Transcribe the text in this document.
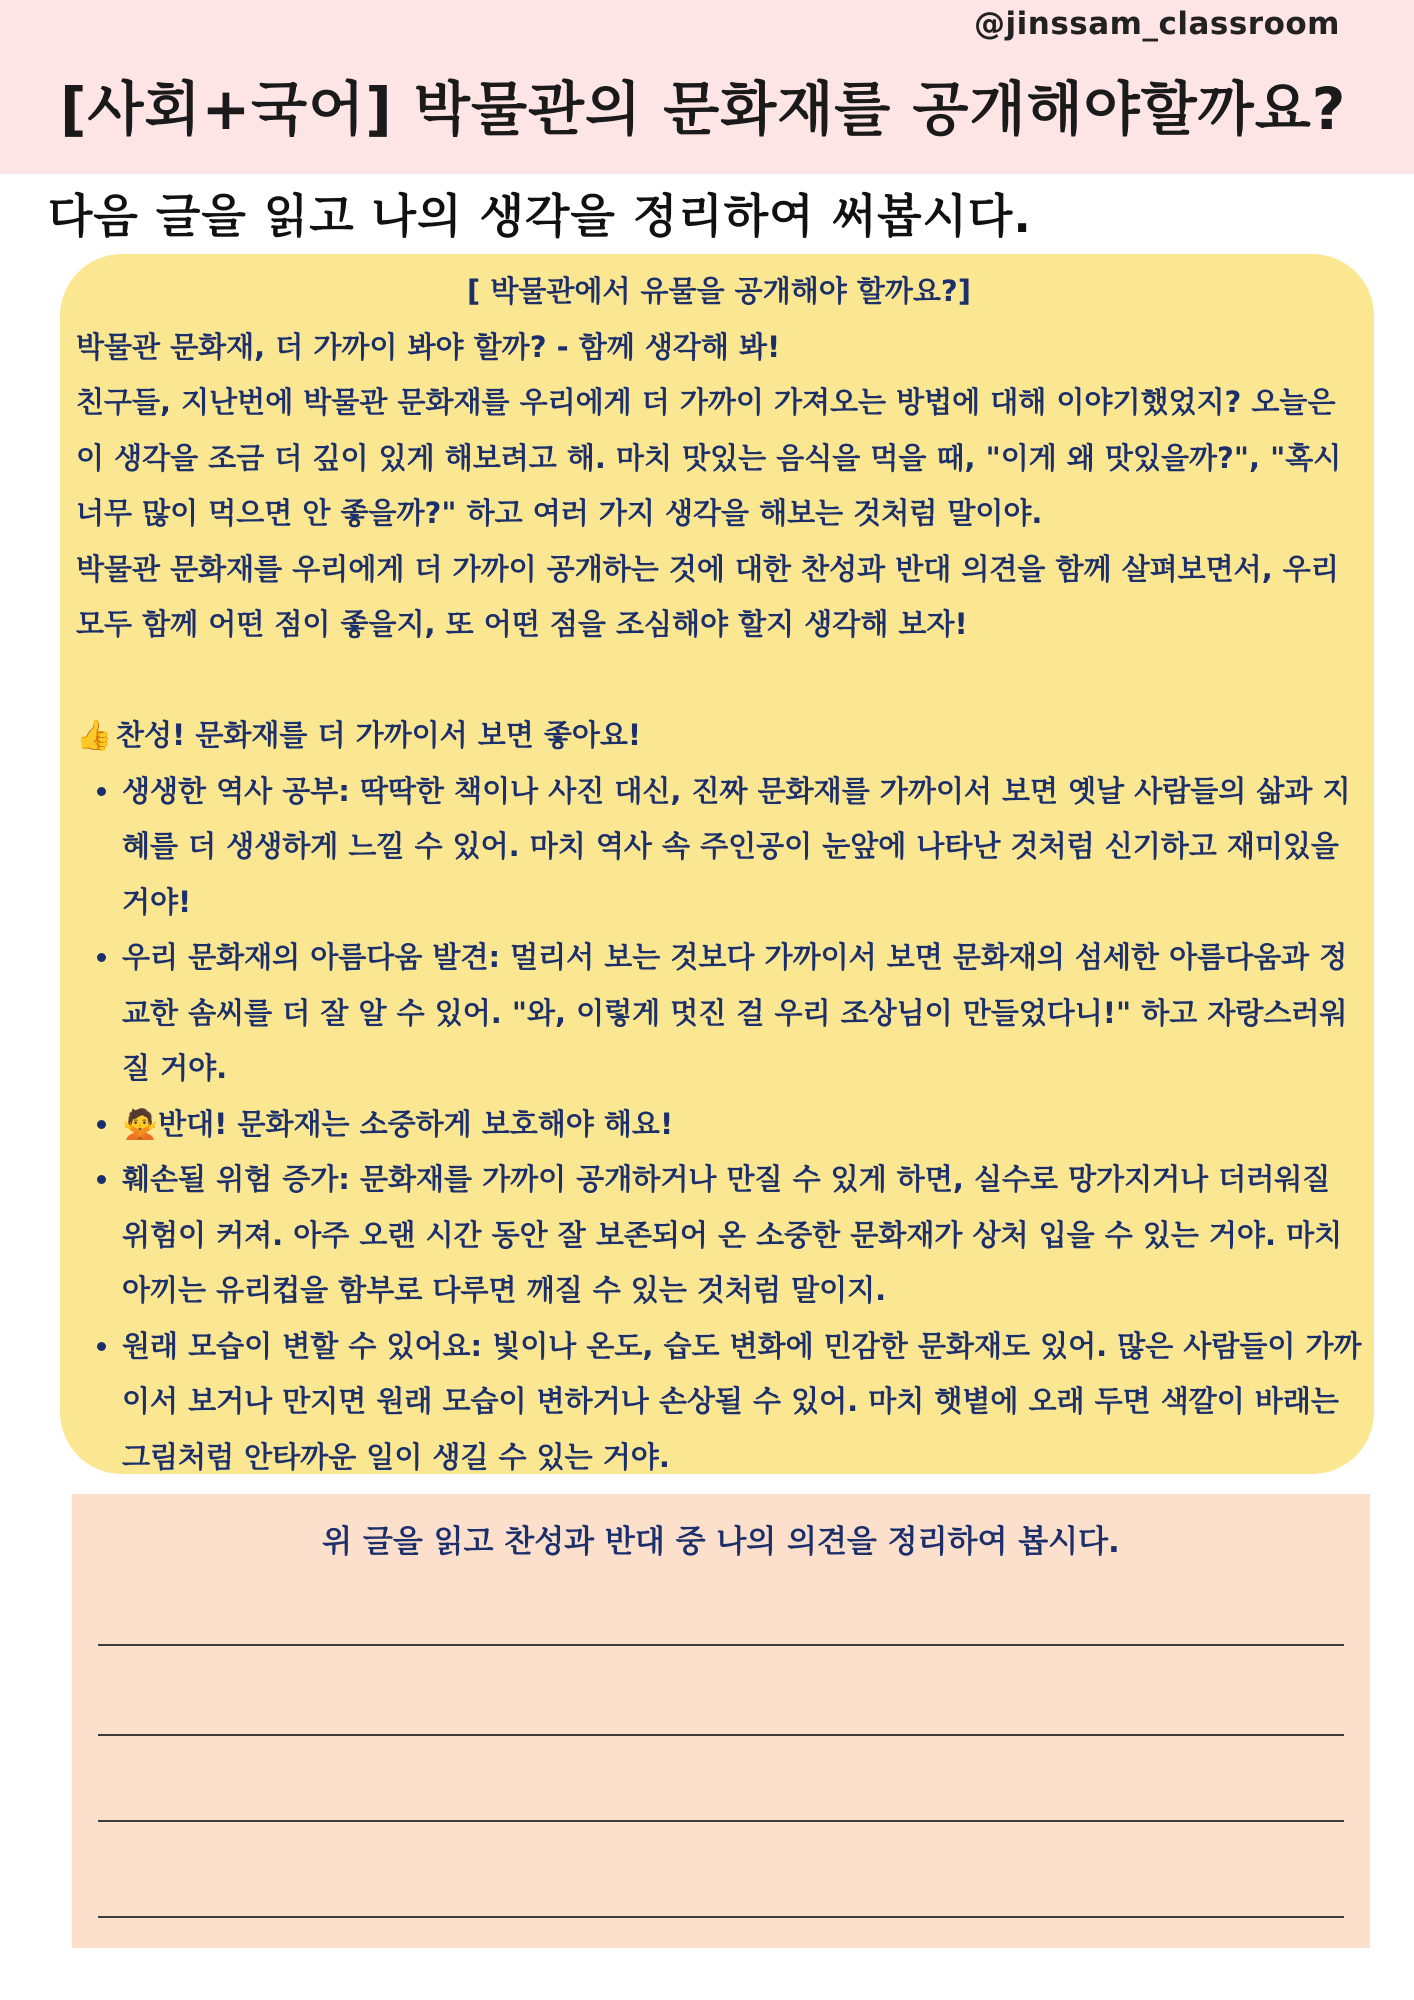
@jinssam_classroom
[사회+국어] 박물관의 문화재를 공개해야할까요?
다음 글을 읽고 나의 생각을 정리하여 써봅시다.
[ 박물관에서 유물을 공개해야 할까요?]

박물관 문화재, 더 가까이 봐야 할까? - 함께 생각해 봐!

친구들, 지난번에 박물관 문화재를 우리에게 더 가까이 가져오는 방법에 대해 이야기했었지? 오늘은 이 생각을 조금 더 깊이 있게 해보려고 해. 마치 맛있는 음식을 먹을 때, "이게 왜 맛있을까?", "혹시 너무 많이 먹으면 안 좋을까?" 하고 여러 가지 생각을 해보는 것처럼 말이야.

박물관 문화재를 우리에게 더 가까이 공개하는 것에 대한 찬성과 반대 의견을 함께 살펴보면서, 우리 모두 함께 어떤 점이 좋을지, 또 어떤 점을 조심해야 할지 생각해 보자!

👍 찬성! 문화재를 더 가까이서 보면 좋아요!

• 생생한 역사 공부: 딱딱한 책이나 사진 대신, 진짜 문화재를 가까이서 보면 옛날 사람들의 삶과 지혜를 더 생생하게 느낄 수 있어. 마치 역사 속 주인공이 눈앞에 나타난 것처럼 신기하고 재미있을 거야!
• 우리 문화재의 아름다움 발견: 멀리서 보는 것보다 가까이서 보면 문화재의 섬세한 아름다움과 정교한 솜씨를 더 잘 알 수 있어. "와, 이렇게 멋진 걸 우리 조상님이 만들었다니!" 하고 자랑스러워질 거야.
• 🙅반대! 문화재는 소중하게 보호해야 해요!
• 훼손될 위험 증가: 문화재를 가까이 공개하거나 만질 수 있게 하면, 실수로 망가지거나 더러워질 위험이 커져. 아주 오랜 시간 동안 잘 보존되어 온 소중한 문화재가 상처 입을 수 있는 거야. 마치 아끼는 유리컵을 함부로 다루면 깨질 수 있는 것처럼 말이지.
• 원래 모습이 변할 수 있어요: 빛이나 온도, 습도 변화에 민감한 문화재도 있어. 많은 사람들이 가까이서 보거나 만지면 원래 모습이 변하거나 손상될 수 있어. 마치 햇볕에 오래 두면 색깔이 바래는 그림처럼 안타까운 일이 생길 수 있는 거야.
위 글을 읽고 찬성과 반대 중 나의 의견을 정리하여 봅시다.
